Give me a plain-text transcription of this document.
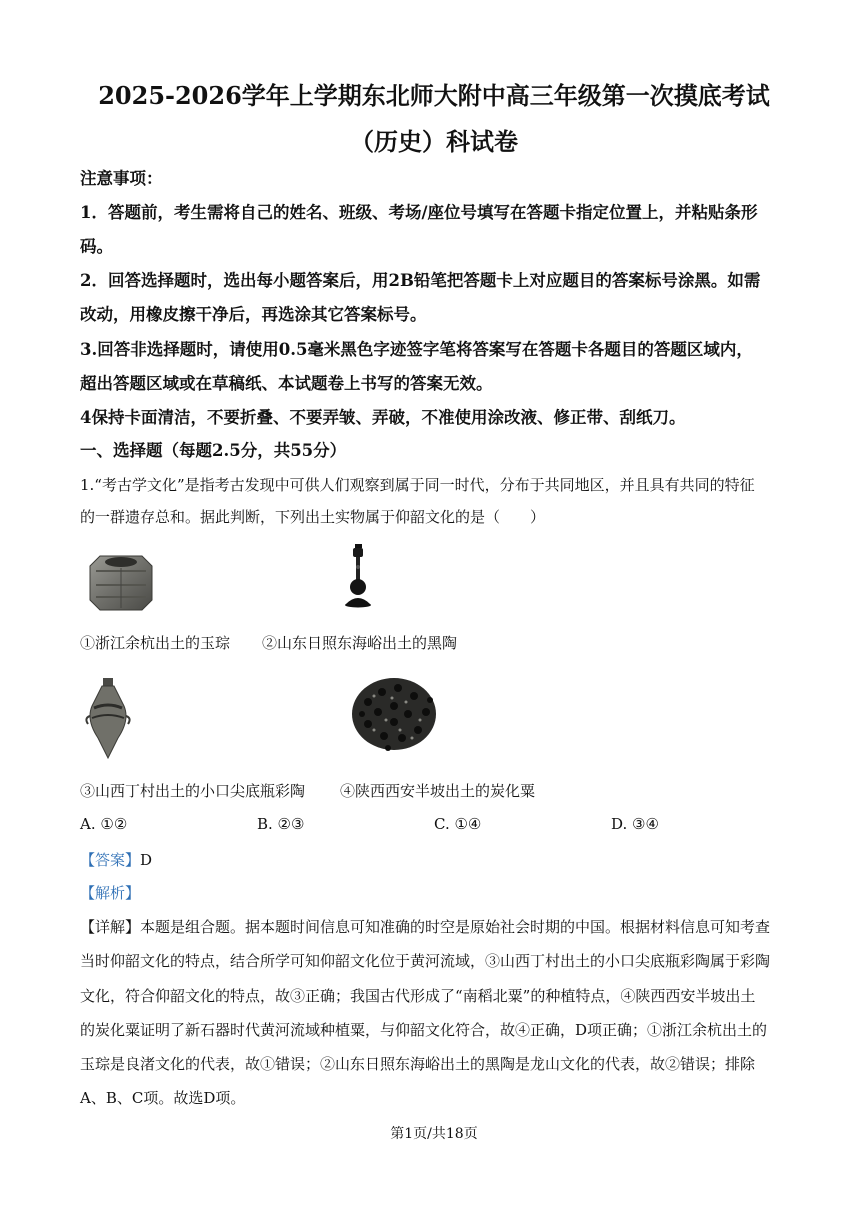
2025-2026学年上学期东北师大附中高三年级第一次摸底考试
（历史）科试卷
注意事项：
1．答题前，考生需将自己的姓名、班级、考场/座位号填写在答题卡指定位置上，并粘贴条形
码。
2．回答选择题时，选出每小题答案后，用2B铅笔把答题卡上对应题目的答案标号涂黑。如需
改动，用橡皮擦干净后，再选涂其它答案标号。
3.回答非选择题时，请使用0.5毫米黑色字迹签字笔将答案写在答题卡各题目的答题区域内，
超出答题区域或在草稿纸、本试题卷上书写的答案无效。
4保持卡面清洁，不要折叠、不要弄皱、弄破，不准使用涂改液、修正带、刮纸刀。
一、选择题（每题2.5分，共55分）
1.“考古学文化”是指考古发现中可供人们观察到属于同一时代，分布于共同地区，并且具有共同的特征
的一群遗存总和。据此判断，下列出土实物属于仰韶文化的是（　　）
①浙江余杭出土的玉琮 ②山东日照东海峪出土的黑陶
③山西丁村出土的小口尖底瓶彩陶 ④陕西西安半坡出土的炭化粟
A. ①②	B. ②③	C. ①④	D. ③④
【答案】D
【解析】
【详解】本题是组合题。据本题时间信息可知准确的时空是原始社会时期的中国。根据材料信息可知考查
当时仰韶文化的特点，结合所学可知仰韶文化位于黄河流域，③山西丁村出土的小口尖底瓶彩陶属于彩陶
文化，符合仰韶文化的特点，故③正确；我国古代形成了“南稻北粟”的种植特点，④陕西西安半坡出土
的炭化粟证明了新石器时代黄河流域种植粟，与仰韶文化符合，故④正确，D项正确；①浙江余杭出土的
玉琮是良渚文化的代表，故①错误；②山东日照东海峪出土的黑陶是龙山文化的代表，故②错误；排除
A、B、C项。故选D项。
第1页/共18页
